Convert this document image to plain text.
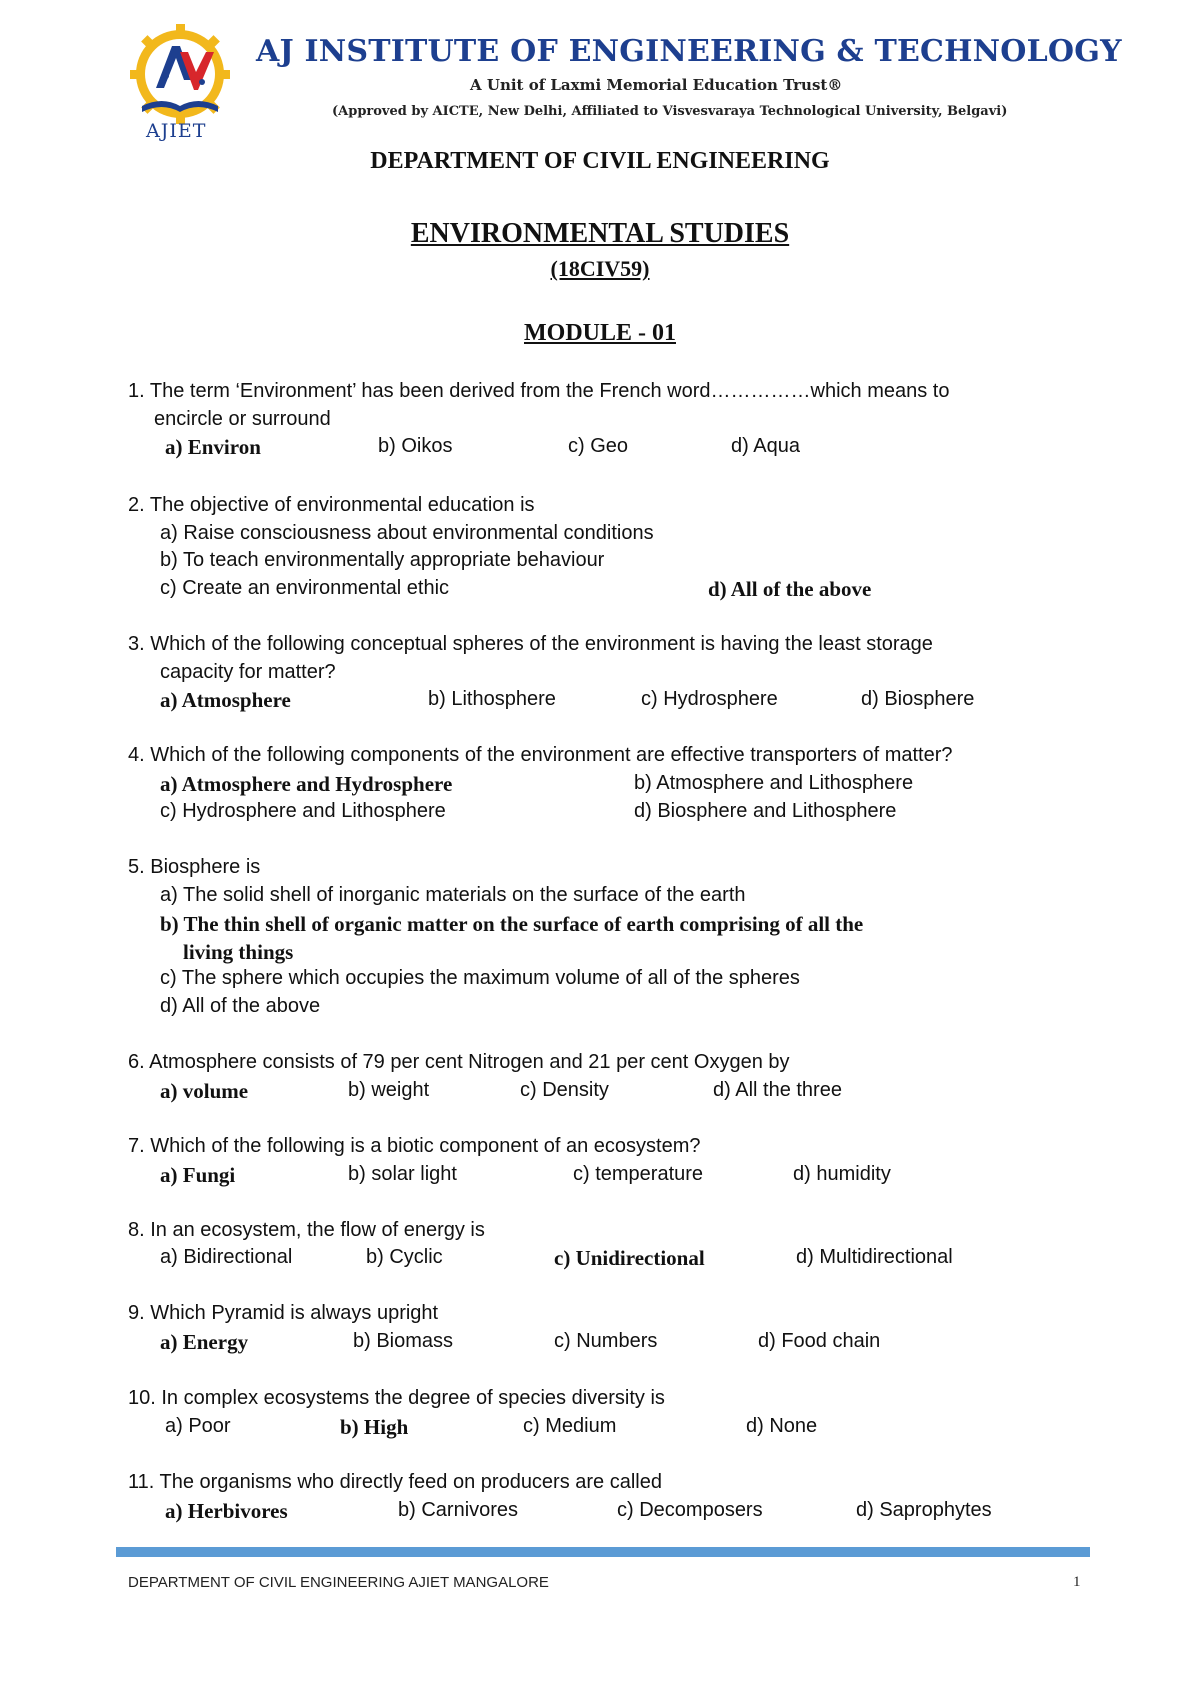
AJIET
AJ INSTITUTE OF ENGINEERING & TECHNOLOGY
A Unit of Laxmi Memorial Education Trust®
(Approved by AICTE, New Delhi, Affiliated to Visvesvaraya Technological University, Belgavi)
DEPARTMENT OF CIVIL ENGINEERING
ENVIRONMENTAL STUDIES
(18CIV59)
MODULE - 01
1. The term ‘Environment’ has been derived from the French word……………which means to
encircle or surround
a) Environ	b) Oikos	c) Geo	d) Aqua
2. The objective of environmental education is
a) Raise consciousness about environmental conditions
b) To teach environmentally appropriate behaviour
c) Create an environmental ethic	d) All of the above
3. Which of the following conceptual spheres of the environment is having the least storage
capacity for matter?
a) Atmosphere	b) Lithosphere	c) Hydrosphere	d) Biosphere
4. Which of the following components of the environment are effective transporters of matter?
a) Atmosphere and Hydrosphere	b) Atmosphere and Lithosphere
c) Hydrosphere and Lithosphere	d) Biosphere and Lithosphere
5. Biosphere is
a) The solid shell of inorganic materials on the surface of the earth
b) The thin shell of organic matter on the surface of earth comprising of all the
living things
c) The sphere which occupies the maximum volume of all of the spheres
d) All of the above
6. Atmosphere consists of 79 per cent Nitrogen and 21 per cent Oxygen by
a) volume	b) weight	c) Density	d) All the three
7. Which of the following is a biotic component of an ecosystem?
a) Fungi	b) solar light	c) temperature	d) humidity
8. In an ecosystem, the flow of energy is
a) Bidirectional	b) Cyclic	c) Unidirectional	d) Multidirectional
9. Which Pyramid is always upright
a) Energy	b) Biomass	c) Numbers	d) Food chain
10. In complex ecosystems the degree of species diversity is
a) Poor	b) High	c) Medium	d) None
11. The organisms who directly feed on producers are called
a) Herbivores	b) Carnivores	c) Decomposers	d) Saprophytes
DEPARTMENT OF CIVIL ENGINEERING AJIET MANGALORE	1
